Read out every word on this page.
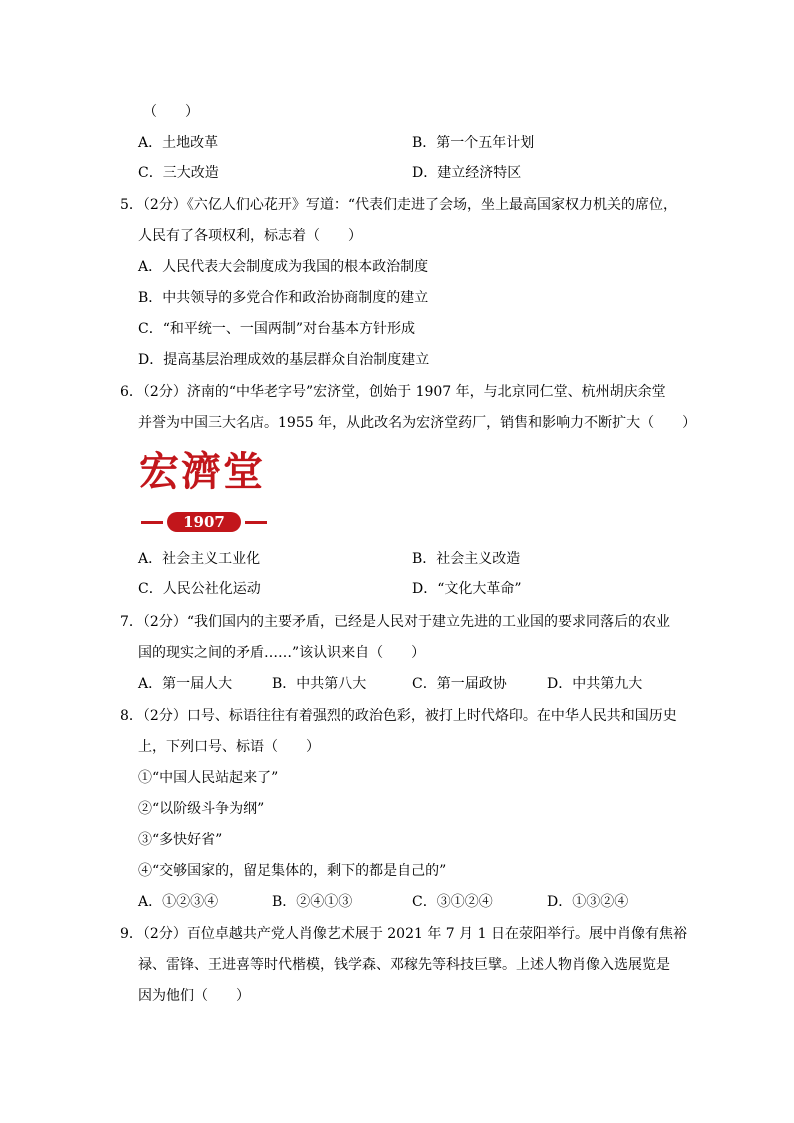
（　　）
A．土地改革	B．第一个五年计划
C．三大改造	D．建立经济特区
5．（2分）《六亿人们心花开》写道：“代表们走进了会场，坐上最高国家权力机关的席位，
人民有了各项权利，标志着（　　）
A．人民代表大会制度成为我国的根本政治制度
B．中共领导的多党合作和政治协商制度的建立
C．“和平统一、一国两制”对台基本方针形成
D．提高基层治理成效的基层群众自治制度建立
6．（2分）济南的“中华老字号”宏济堂，创始于 1907 年，与北京同仁堂、杭州胡庆余堂
并誉为中国三大名店。1955 年，从此改名为宏济堂药厂，销售和影响力不断扩大（　　）
宏濟堂
1907
A．社会主义工业化	B．社会主义改造
C．人民公社化运动	D．“文化大革命”
7．（2分）“我们国内的主要矛盾，已经是人民对于建立先进的工业国的要求同落后的农业
国的现实之间的矛盾……”该认识来自（　　）
A．第一届人大	B．中共第八大	C．第一届政协	D．中共第九大
8．（2分）口号、标语往往有着强烈的政治色彩，被打上时代烙印。在中华人民共和国历史
上，下列口号、标语（　　）
①“中国人民站起来了”
②“以阶级斗争为纲”
③“多快好省”
④“交够国家的，留足集体的，剩下的都是自己的”
A．①②③④	B．②④①③	C．③①②④	D．①③②④
9．（2分）百位卓越共产党人肖像艺术展于 2021 年 7 月 1 日在荥阳举行。展中肖像有焦裕
禄、雷锋、王进喜等时代楷模，钱学森、邓稼先等科技巨擘。上述人物肖像入选展览是
因为他们（　　）
